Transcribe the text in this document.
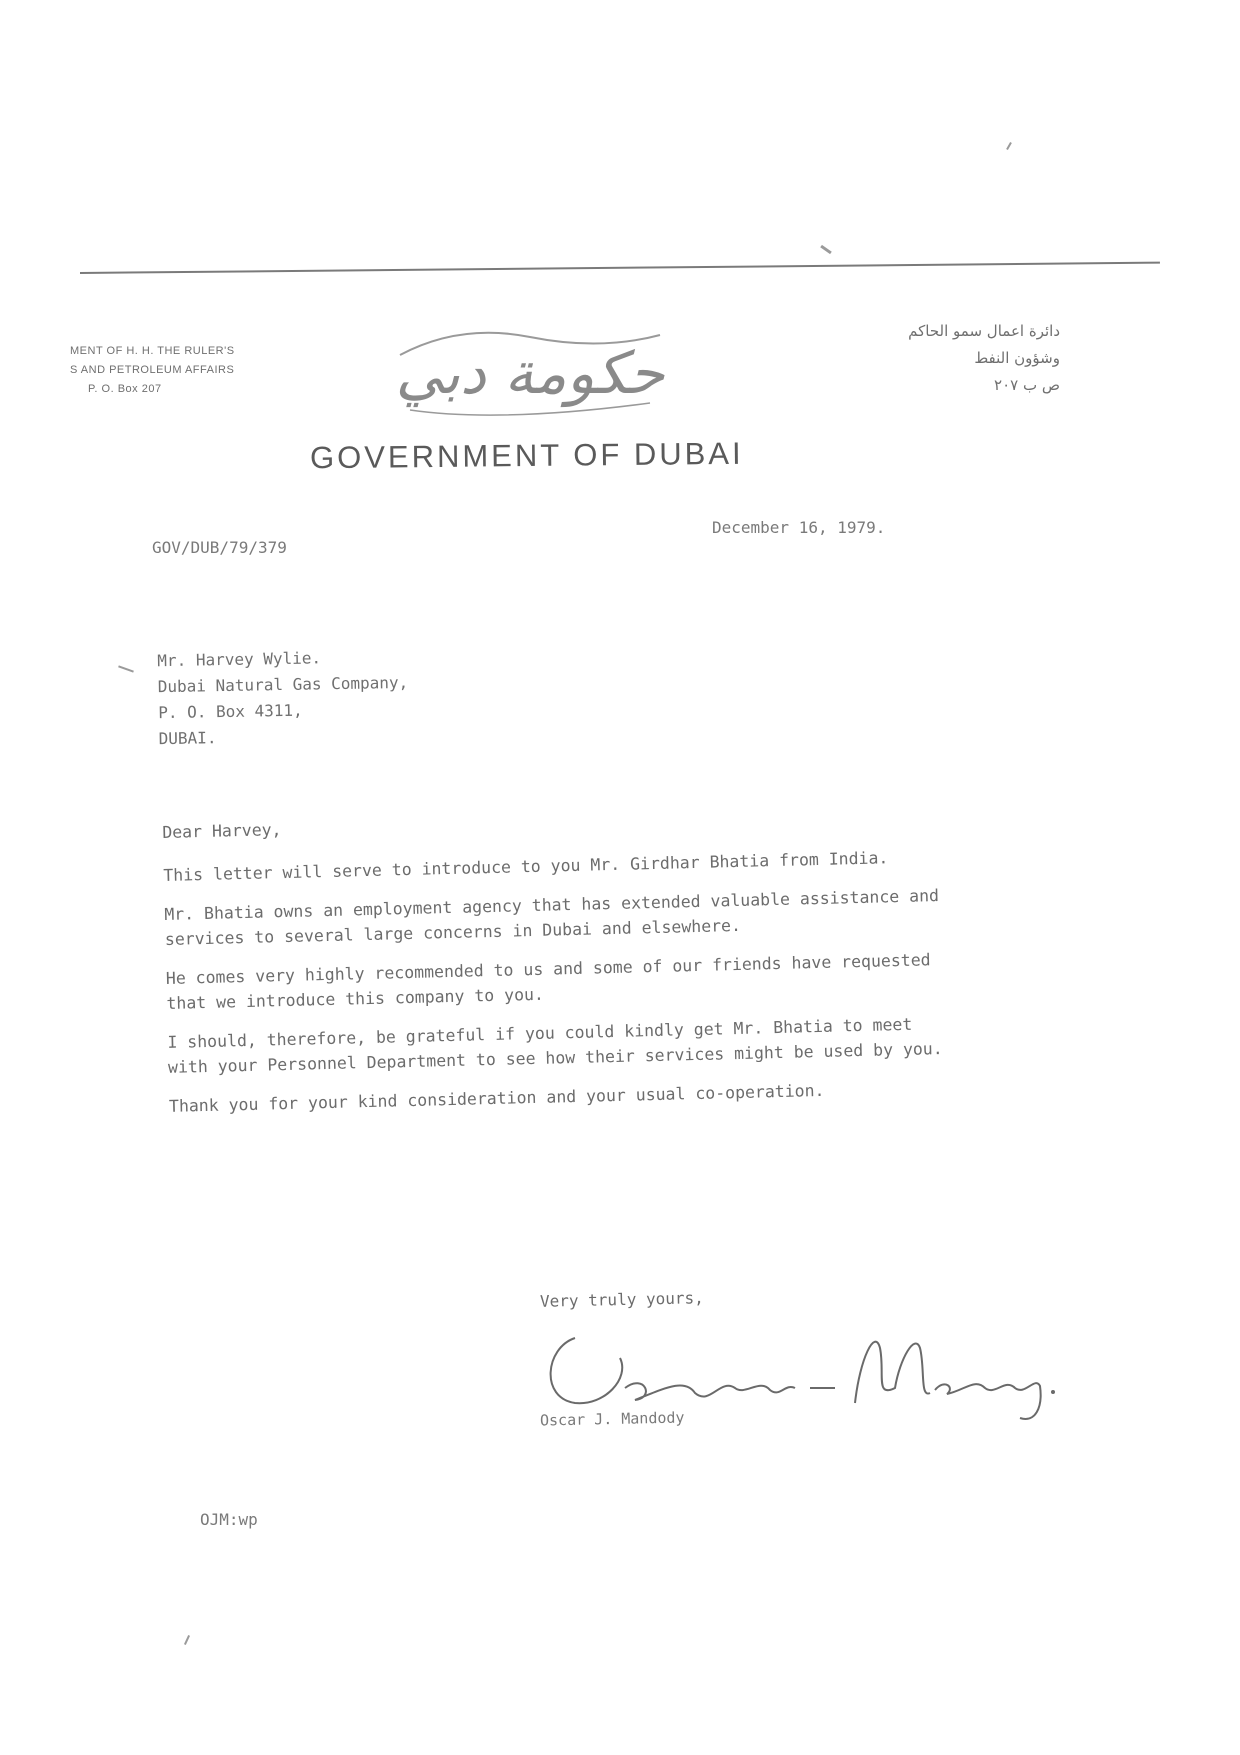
MENT OF H. H. THE RULER'S
S AND PETROLEUM AFFAIRS
P. O. Box 207	حكومة دبي
دائرة اعمال سمو الحاكم
وشؤون النفط
ص ب ٢٠٧
GOVERNMENT OF DUBAI
GOV/DUB/79/379
December 16, 1979.
Mr. Harvey Wylie.
Dubai Natural Gas Company,
P. O. Box 4311,
DUBAI.

Dear Harvey,

This letter will serve to introduce to you Mr. Girdhar Bhatia from India.

Mr. Bhatia owns an employment agency that has extended valuable assistance and services to several large concerns in Dubai and elsewhere.

He comes very highly recommended to us and some of our friends have requested that we introduce this company to you.

I should, therefore, be grateful if you could kindly get Mr. Bhatia to meet with your Personnel Department to see how their services might be used by you.

Thank you for your kind consideration and your usual co-operation.

Very truly yours,
Oscar J. Mandody
OJM:wp
